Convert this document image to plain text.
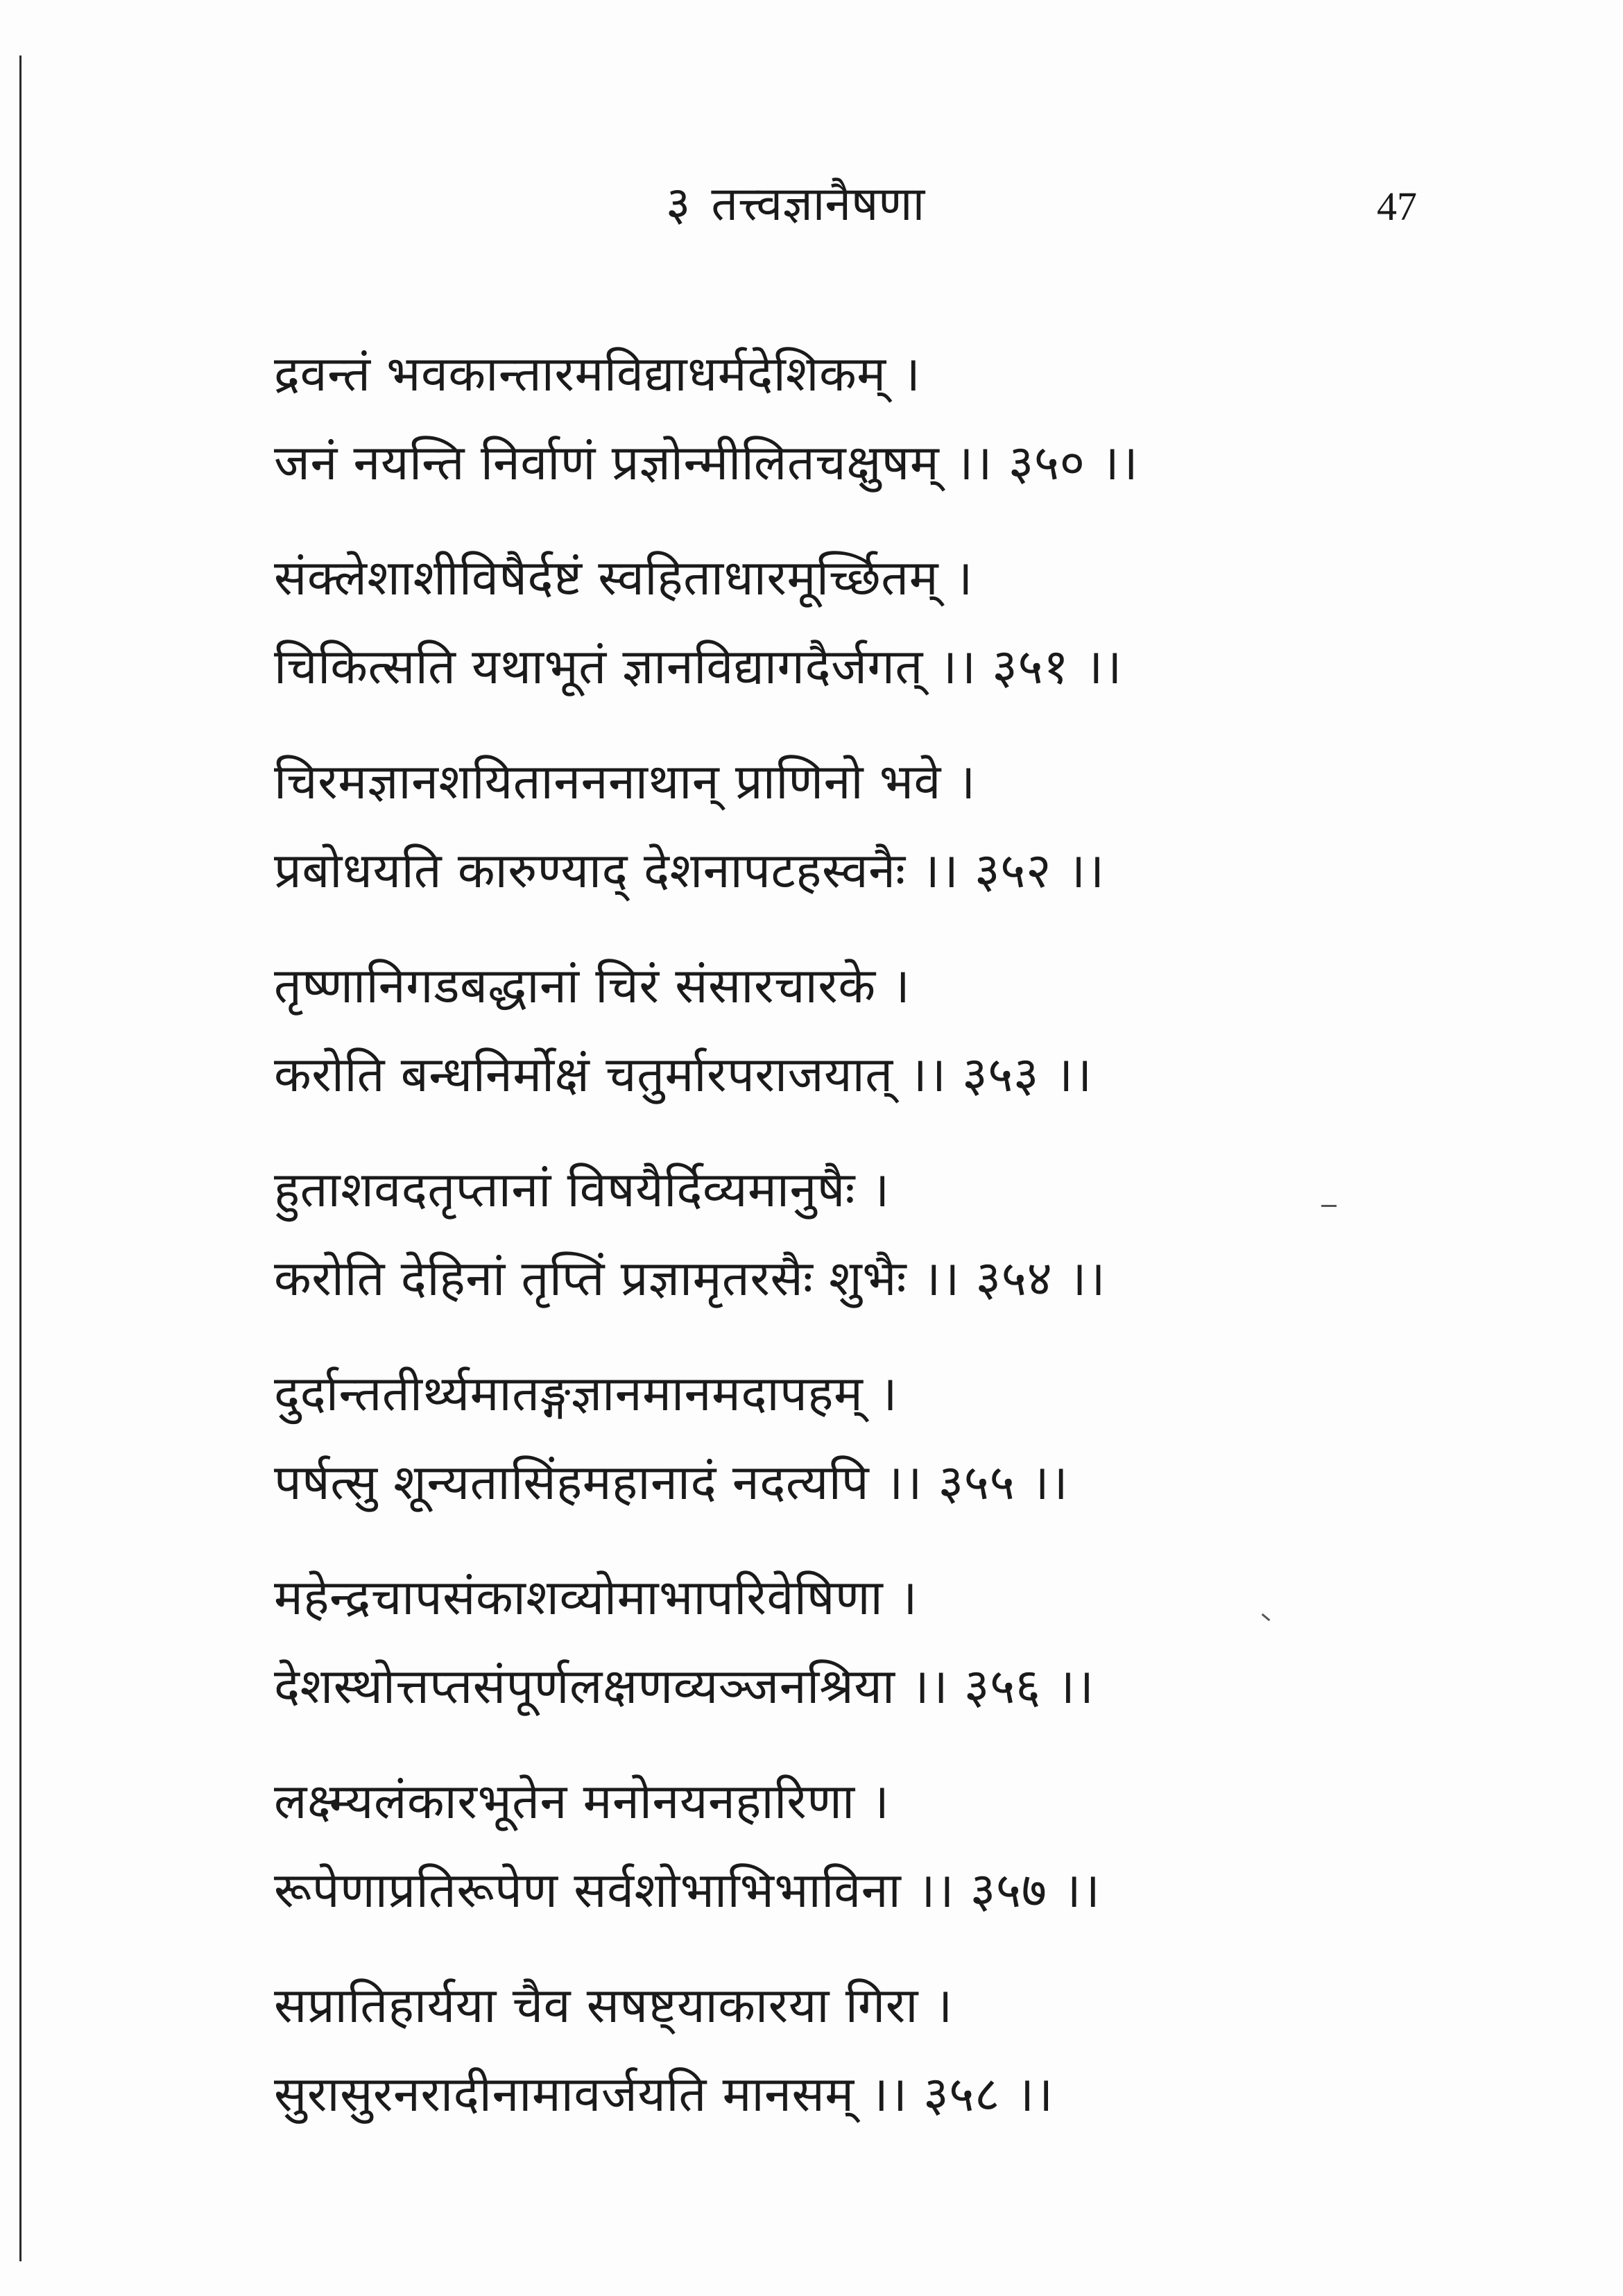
३ तत्त्वज्ञानैषणा	47
द्रवन्तं भवकान्तारमविद्याधर्मदेशिकम् ।
जनं नयन्ति निर्वाणं प्रज्ञोन्मीलितचक्षुषम् ।। ३५० ।।
संक्लेशाशीविषैर्दष्टं स्वहिताधारमूर्च्छितम् ।
चिकित्सति यथाभूतं ज्ञानविद्यागदैर्जगत् ।। ३५१ ।।
चिरमज्ञानशयितानननाथान् प्राणिनो भवे ।
प्रबोधयति कारुण्याद् देशनापटहस्वनैः ।। ३५२ ।।
तृष्णानिगडबद्धानां चिरं संसारचारके ।
करोति बन्धनिर्मोक्षं चतुर्मारपराजयात् ।। ३५३ ।।
हुताशवदतृप्तानां विषयैर्दिव्यमानुषैः ।
करोति देहिनां तृप्तिं प्रज्ञामृतरसैः शुभैः ।। ३५४ ।।
दुर्दान्ततीर्थ्यमातङ्गज्ञानमानमदापहम् ।
पर्षत्सु शून्यतासिंहमहानादं नदत्यपि ।। ३५५ ।।
महेन्द्रचापसंकाशव्योमाभापरिवेषिणा ।
देशस्थोत्तप्तसंपूर्णलक्षणव्यञ्जनश्रिया ।। ३५६ ।।
लक्ष्म्यलंकारभूतेन मनोनयनहारिणा ।
रूपेणाप्रतिरूपेण सर्वशोभाभिभाविना ।। ३५७ ।।
सप्रातिहार्यया चैव सषष्ट्याकारया गिरा ।
सुरासुरनरादीनामावर्जयति मानसम् ।। ३५८ ।।
